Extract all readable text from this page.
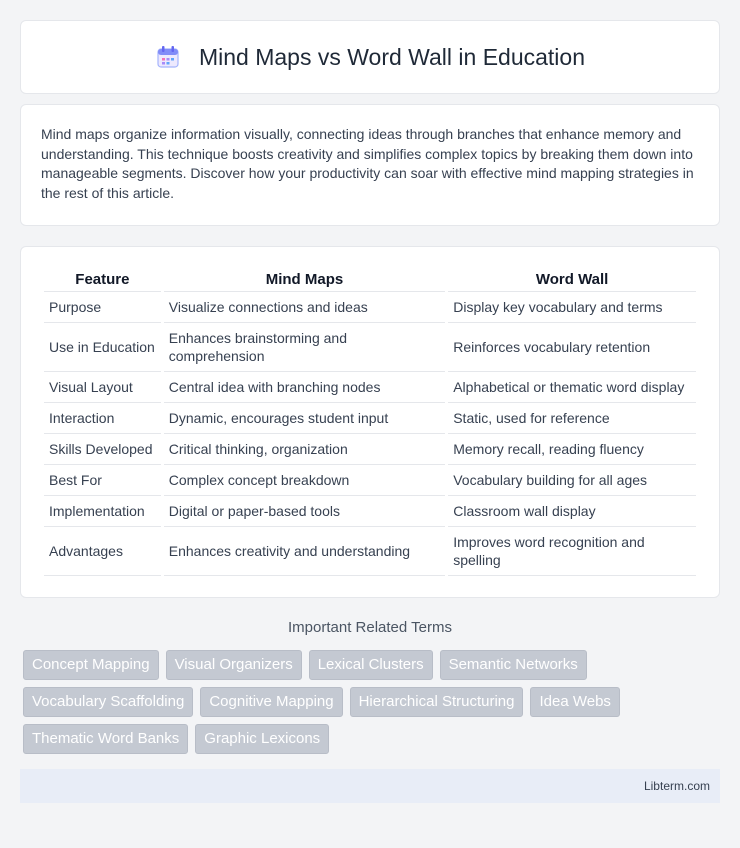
Mind Maps vs Word Wall in Education

Mind maps organize information visually, connecting ideas through branches that enhance memory and understanding. This technique boosts creativity and simplifies complex topics by breaking them down into manageable segments. Discover how your productivity can soar with effective mind mapping strategies in the rest of this article.

Feature	Mind Maps	Word Wall
Purpose	Visualize connections and ideas	Display key vocabulary and terms
Use in Education	Enhances brainstorming and comprehension	Reinforces vocabulary retention
Visual Layout	Central idea with branching nodes	Alphabetical or thematic word display
Interaction	Dynamic, encourages student input	Static, used for reference
Skills Developed	Critical thinking, organization	Memory recall, reading fluency
Best For	Complex concept breakdown	Vocabulary building for all ages
Implementation	Digital or paper-based tools	Classroom wall display
Advantages	Enhances creativity and understanding	Improves word recognition and spelling
Important Related Terms
Concept Mapping	Visual Organizers	Lexical Clusters	Semantic Networks
Vocabulary Scaffolding	Cognitive Mapping	Hierarchical Structuring	Idea Webs
Thematic Word Banks	Graphic Lexicons
Libterm.com
